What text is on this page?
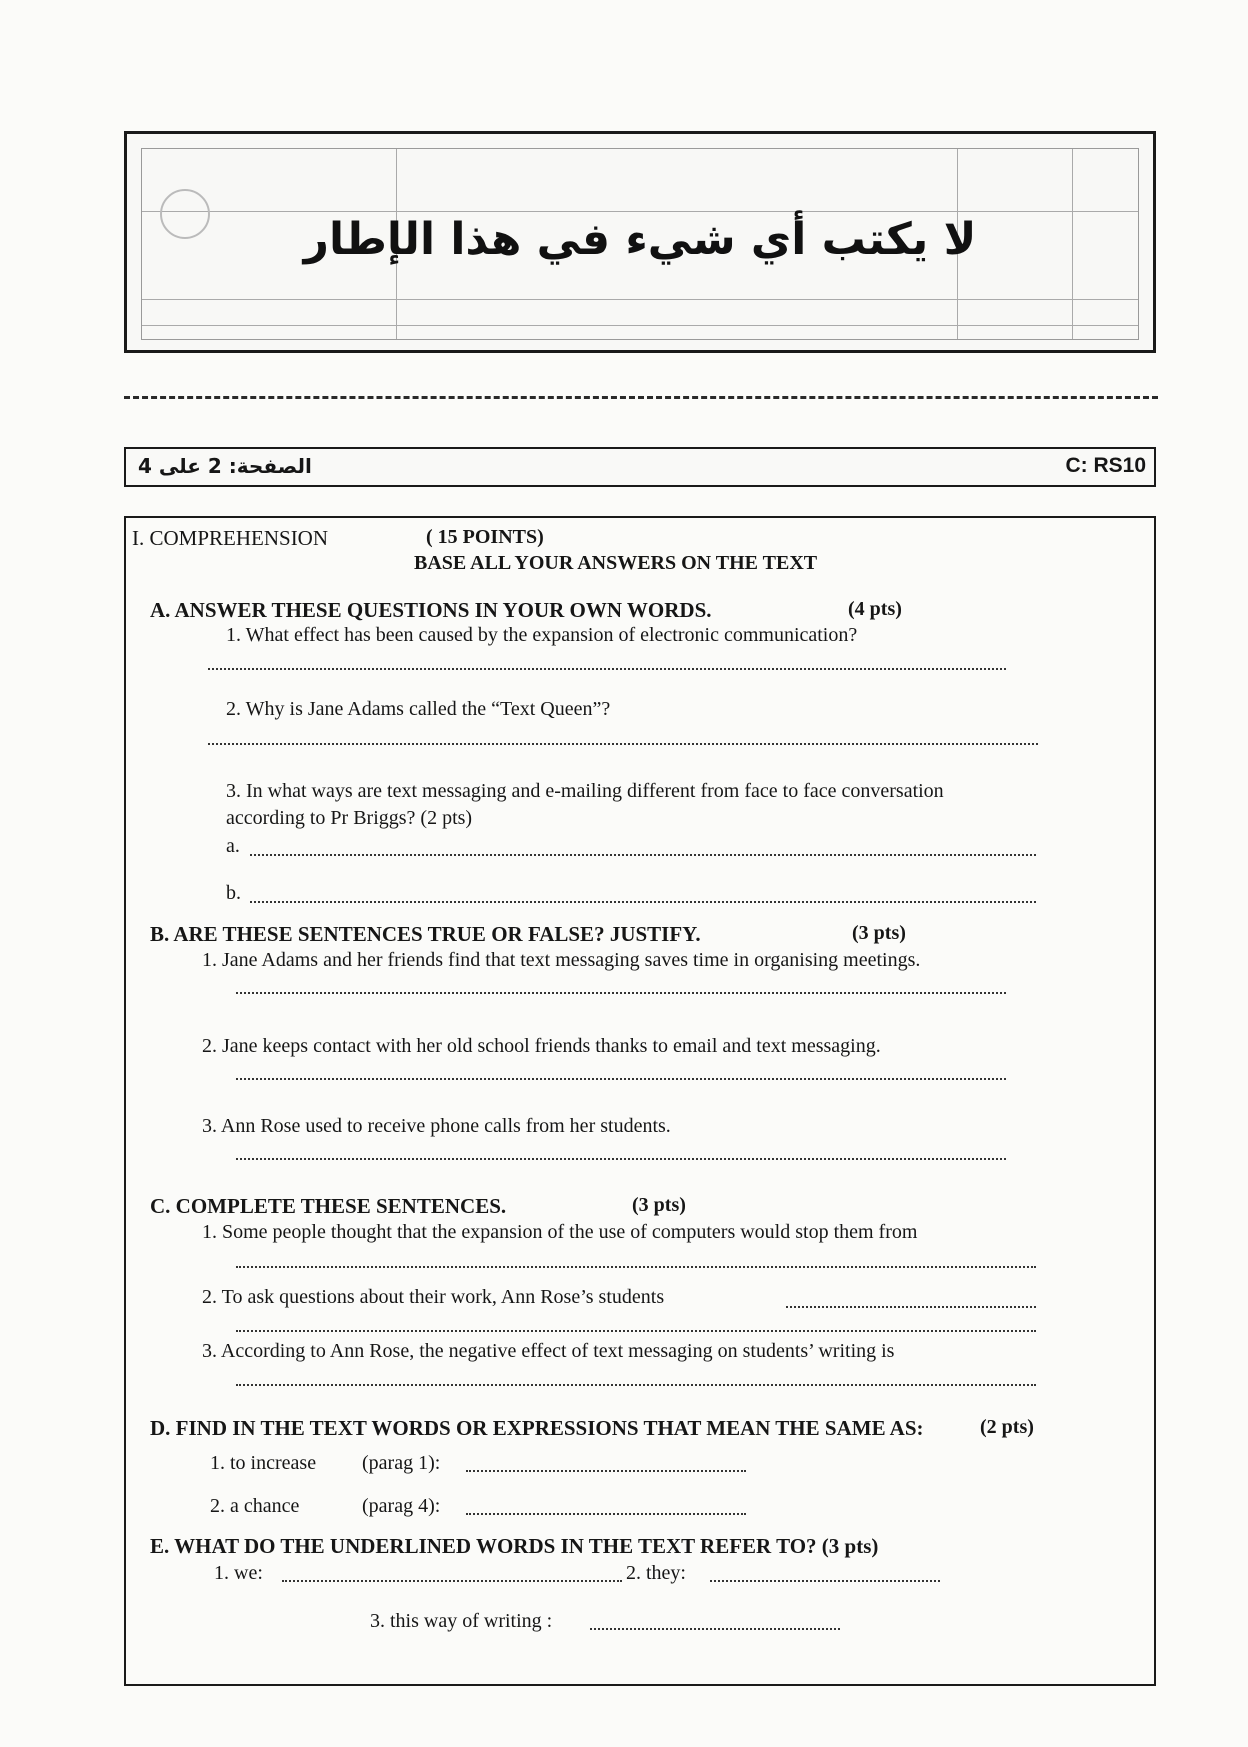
لا يكتب أي شيء في هذا الإطار
الصفحة: 2 على 4	C: RS10
I. COMPREHENSION	( 15 POINTS)
BASE ALL YOUR ANSWERS ON THE TEXT
A. ANSWER THESE QUESTIONS IN YOUR OWN WORDS.	(4 pts)
1. What effect has been caused by the expansion of electronic communication?
2. Why is Jane Adams called the “Text Queen”?
3. In what ways are text messaging and e-mailing different from face to face conversation
according to Pr Briggs? (2 pts)
a.
b.
B. ARE THESE SENTENCES TRUE OR FALSE? JUSTIFY.	(3 pts)
1. Jane Adams and her friends find that text messaging saves time in organising meetings.
2. Jane keeps contact with her old school friends thanks to email and text messaging.
3. Ann Rose used to receive phone calls from her students.
C. COMPLETE THESE SENTENCES.	(3 pts)
1. Some people thought that the expansion of the use of computers would stop them from
2. To ask questions about their work, Ann Rose’s students
3. According to Ann Rose, the negative effect of text messaging on students’ writing is
D. FIND IN THE TEXT WORDS OR EXPRESSIONS THAT MEAN THE SAME AS:	(2 pts)
1. to increase (parag 1):
2. a chance	(parag 4):
E. WHAT DO THE UNDERLINED WORDS IN THE TEXT REFER TO? (3 pts)
1. we:	2. they:
3. this way of writing :
